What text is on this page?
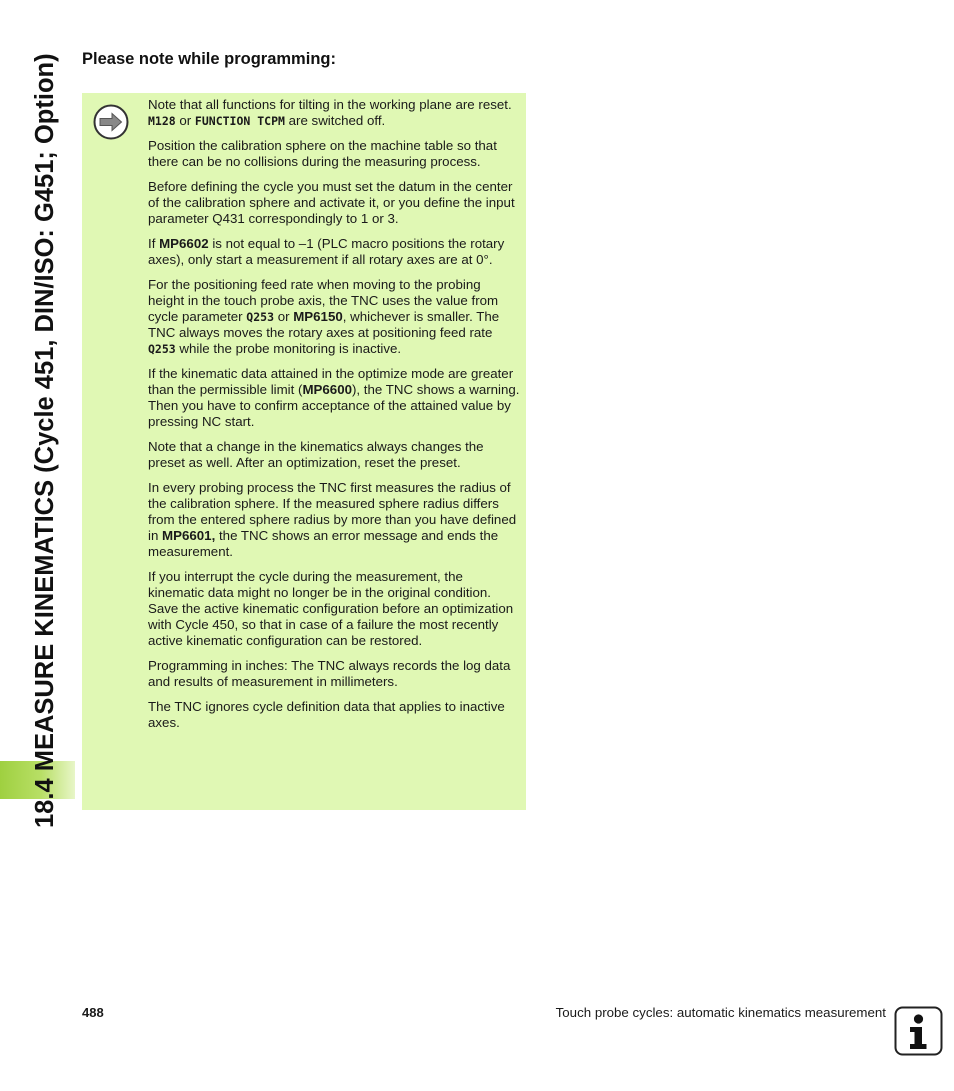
18.4 MEASURE KINEMATICS (Cycle 451, DIN/ISO: G451; Option)	Please note while programming:

Note that all functions for tilting in the working plane are reset. M128 or FUNCTION TCPM are switched off.

Position the calibration sphere on the machine table so that there can be no collisions during the measuring process.

Before defining the cycle you must set the datum in the center of the calibration sphere and activate it, or you define the input parameter Q431 correspondingly to 1 or 3.

If MP6602 is not equal to –1 (PLC macro positions the rotary axes), only start a measurement if all rotary axes are at 0°.

For the positioning feed rate when moving to the probing height in the touch probe axis, the TNC uses the value from cycle parameter Q253 or MP6150, whichever is smaller. The TNC always moves the rotary axes at positioning feed rate Q253 while the probe monitoring is inactive.

If the kinematic data attained in the optimize mode are greater than the permissible limit (MP6600), the TNC shows a warning. Then you have to confirm acceptance of the attained value by pressing NC start.

Note that a change in the kinematics always changes the preset as well. After an optimization, reset the preset.

In every probing process the TNC first measures the radius of the calibration sphere. If the measured sphere radius differs from the entered sphere radius by more than you have defined in MP6601, the TNC shows an error message and ends the measurement.

If you interrupt the cycle during the measurement, the kinematic data might no longer be in the original condition. Save the active kinematic configuration before an optimization with Cycle 450, so that in case of a failure the most recently active kinematic configuration can be restored.

Programming in inches: The TNC always records the log data and results of measurement in millimeters.

The TNC ignores cycle definition data that applies to inactive axes.

488	Touch probe cycles: automatic kinematics measurement
